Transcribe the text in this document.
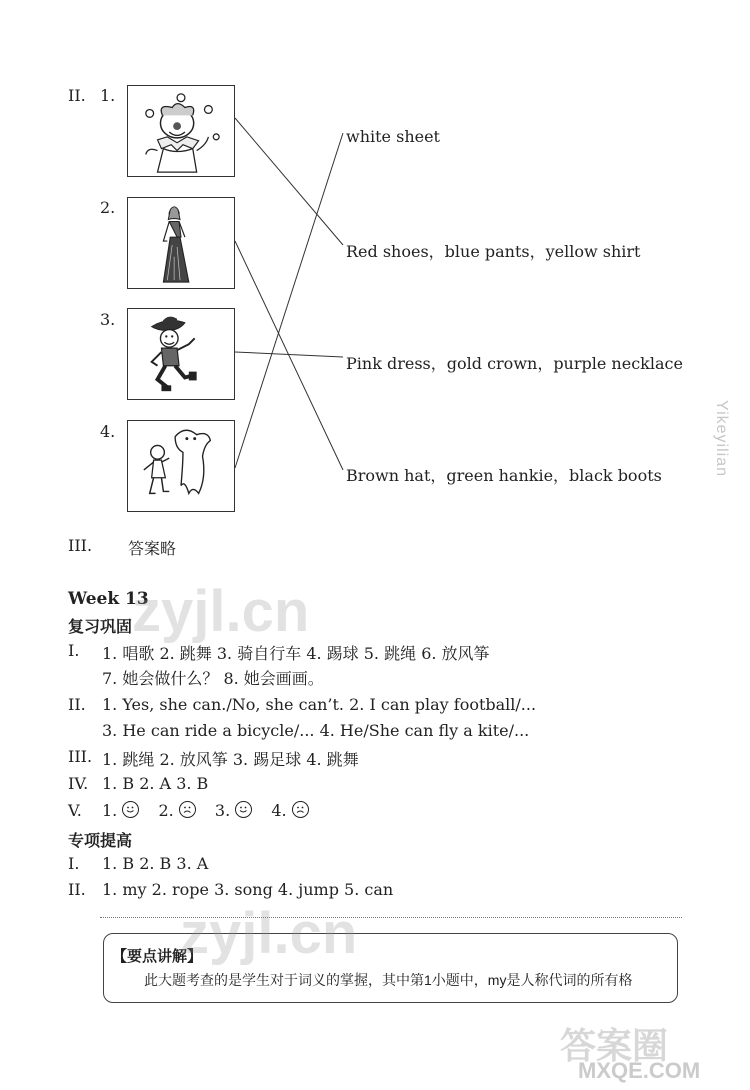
II. 1.
2.
3.
4.
white sheet
Red shoes，blue pants，yellow shirt
Pink dress，gold crown，purple necklace
Brown hat，green hankie，black boots
III. 答案略
Week 13
复习巩固
I. 1. 唱歌 2. 跳舞 3. 骑自行车 4. 踢球 5. 跳绳 6. 放风筝
7. 她会做什么？ 8. 她会画画。
II. 1. Yes, she can./No, she can’t. 2. I can play football/...
3. He can ride a bicycle/... 4. He/She can fly a kite/...
III. 1. 跳绳 2. 放风筝 3. 踢足球 4. 跳舞
IV. 1. B 2. A 3. B
V. 1.	2.	3.	4.
专项提高
I. 1. B 2. B 3. A
II. 1. my 2. rope 3. song 4. jump 5. can
【要点讲解】
此大题考查的是学生对于词义的掌握，其中第1小题中，my是人称代词的所有格
Yikeyilian
zyjl.cn
zyjl.cn
答案圈
MXQE.COM
